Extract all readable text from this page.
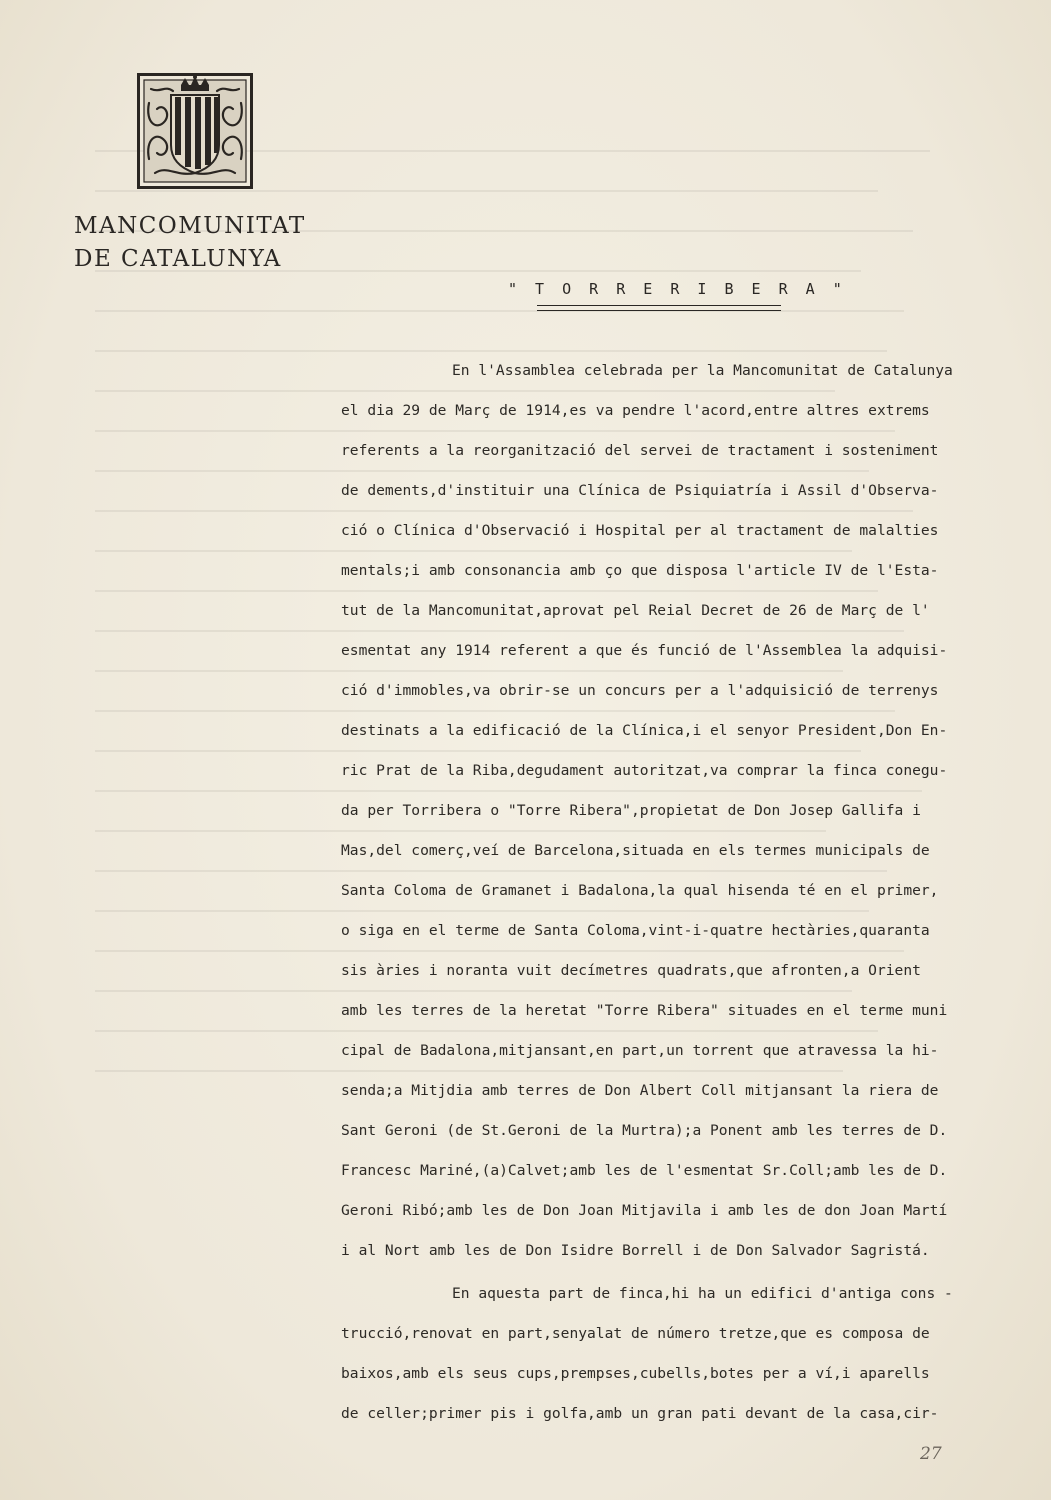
MANCOMUNITAT
DE CATALUNYA
" T O R R E R I B E R A "
En l'Assamblea celebrada per la Mancomunitat de Catalunya
el dia 29 de Març de 1914,es va pendre l'acord,entre altres extrems
referents a la reorganització del servei de tractament i sosteniment
de dements,d'instituir una Clínica de Psiquiatría i Assil d'Observa-
ció o Clínica d'Observació i Hospital per al tractament de malalties
mentals;i amb consonancia amb ço que disposa l'article IV de l'Esta-
tut de la Mancomunitat,aprovat pel Reial Decret de 26 de Març de l'
esmentat any 1914 referent a que és funció de l'Assemblea la adquisi-
ció d'immobles,va obrir-se un concurs per a l'adquisició de terrenys
destinats a la edificació de la Clínica,i el senyor President,Don En-
ric Prat de la Riba,degudament autoritzat,va comprar la finca conegu-
da per Torribera o "Torre Ribera",propietat de Don Josep Gallifa i
Mas,del comerç,veí de Barcelona,situada en els termes municipals de
Santa Coloma de Gramanet i Badalona,la qual hisenda té en el primer,
o siga en el terme de Santa Coloma,vint-i-quatre hectàries,quaranta
sis àries i noranta vuit decímetres quadrats,que afronten,a Orient
amb les terres de la heretat "Torre Ribera" situades en el terme muni
cipal de Badalona,mitjansant,en part,un torrent que atravessa la hi-
senda;a Mitjdia amb terres de Don Albert Coll mitjansant la riera de
Sant Geroni (de St.Geroni de la Murtra);a Ponent amb les terres de D.
Francesc Mariné,(a)Calvet;amb les de l'esmentat Sr.Coll;amb les de D.
Geroni Ribó;amb les de Don Joan Mitjavila i amb les de don Joan Martí
i al Nort amb les de Don Isidre Borrell i de Don Salvador Sagristá.
En aquesta part de finca,hi ha un edifici d'antiga cons -
trucció,renovat en part,senyalat de número tretze,que es composa de
baixos,amb els seus cups,prempses,cubells,botes per a ví,i aparells
de celler;primer pis i golfa,amb un gran pati devant de la casa,cir-
27
